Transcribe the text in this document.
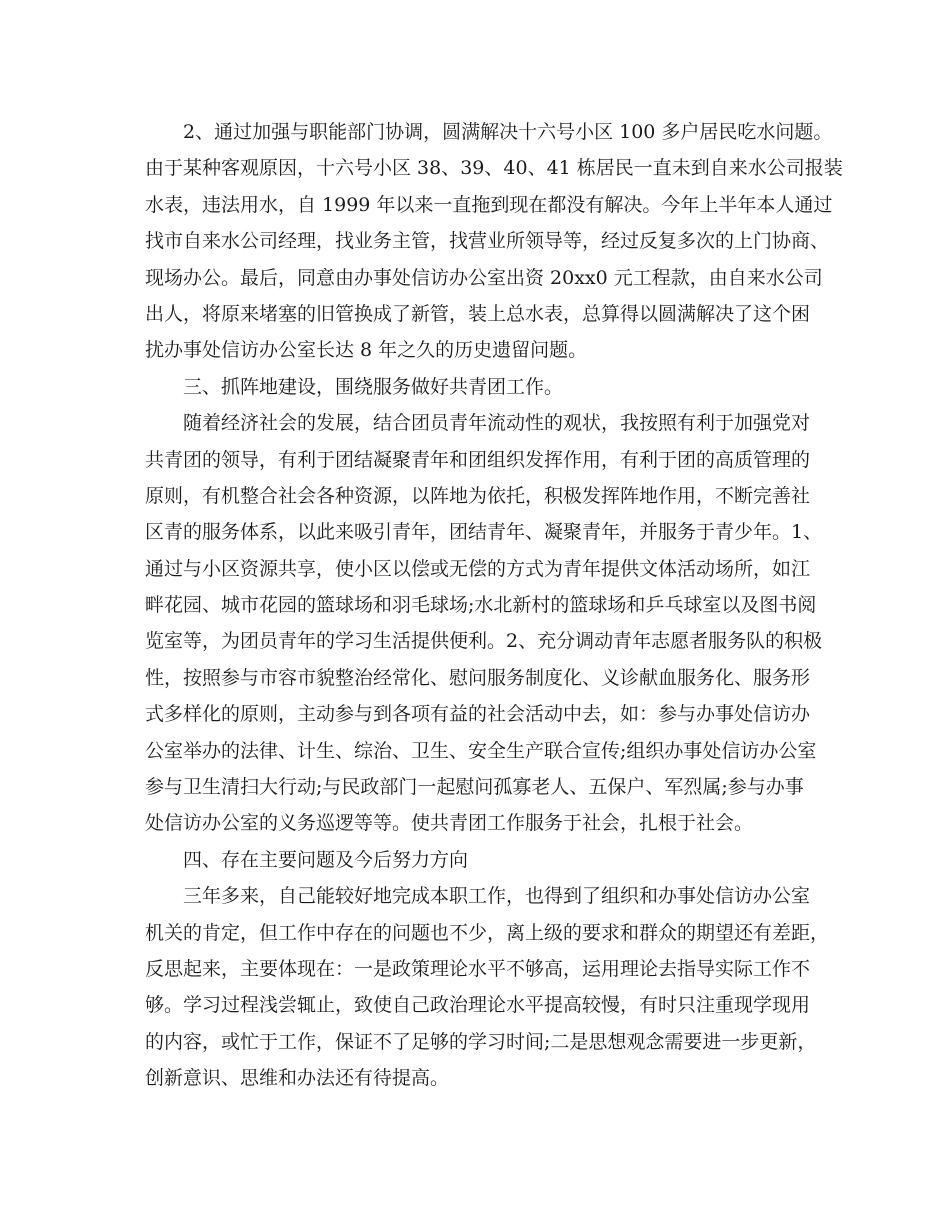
2、通过加强与职能部门协调，圆满解决十六号小区 100 多户居民吃水问题。
由于某种客观原因，十六号小区 38、39、40、41 栋居民一直未到自来水公司报装
水表，违法用水，自 1999 年以来一直拖到现在都没有解决。今年上半年本人通过
找市自来水公司经理，找业务主管，找营业所领导等，经过反复多次的上门协商、
现场办公。最后，同意由办事处信访办公室出资 20xx0 元工程款，由自来水公司
出人，将原来堵塞的旧管换成了新管，装上总水表，总算得以圆满解决了这个困
扰办事处信访办公室长达 8 年之久的历史遗留问题。
三、抓阵地建设，围绕服务做好共青团工作。
随着经济社会的发展，结合团员青年流动性的观状，我按照有利于加强党对
共青团的领导，有利于团结凝聚青年和团组织发挥作用，有利于团的高质管理的
原则，有机整合社会各种资源，以阵地为依托，积极发挥阵地作用，不断完善社
区青的服务体系，以此来吸引青年，团结青年、凝聚青年，并服务于青少年。1、
通过与小区资源共享，使小区以偿或无偿的方式为青年提供文体活动场所，如江
畔花园、城市花园的篮球场和羽毛球场;水北新村的篮球场和乒乓球室以及图书阅
览室等，为团员青年的学习生活提供便利。2、充分调动青年志愿者服务队的积极
性，按照参与市容市貌整治经常化、慰问服务制度化、义诊献血服务化、服务形
式多样化的原则，主动参与到各项有益的社会活动中去，如：参与办事处信访办
公室举办的法律、计生、综治、卫生、安全生产联合宣传;组织办事处信访办公室
参与卫生清扫大行动;与民政部门一起慰问孤寡老人、五保户、军烈属;参与办事
处信访办公室的义务巡逻等等。使共青团工作服务于社会，扎根于社会。
四、存在主要问题及今后努力方向
三年多来，自己能较好地完成本职工作，也得到了组织和办事处信访办公室
机关的肯定，但工作中存在的问题也不少，离上级的要求和群众的期望还有差距，
反思起来，主要体现在：一是政策理论水平不够高，运用理论去指导实际工作不
够。学习过程浅尝辄止，致使自己政治理论水平提高较慢，有时只注重现学现用
的内容，或忙于工作，保证不了足够的学习时间;二是思想观念需要进一步更新，
创新意识、思维和办法还有待提高。
